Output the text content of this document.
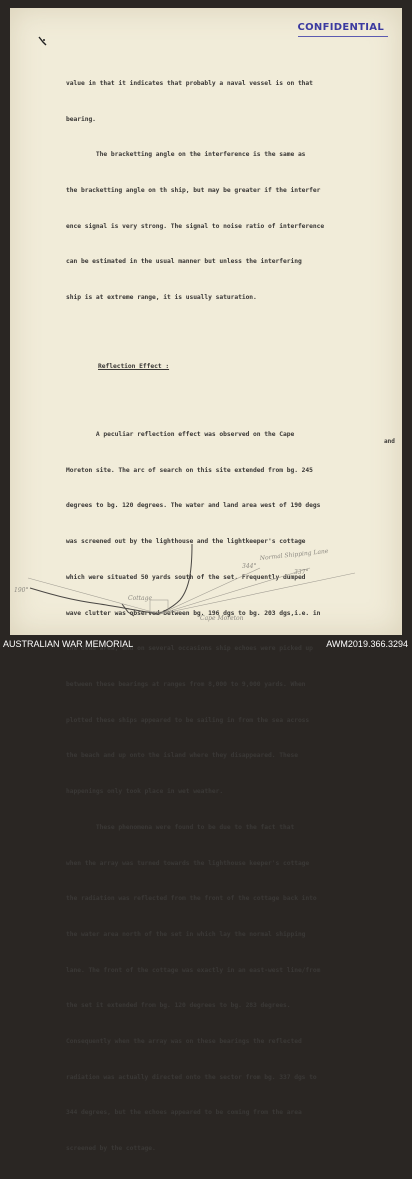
CONFIDENTIAL

value in that it indicates that probably a naval vessel is on that

bearing.

The bracketting angle on the interference is the same as

the bracketting angle on th ship, but may be greater if the interfer

ence signal is very strong. The signal to noise ratio of interference

can be estimated in the usual manner but unless the interfering

ship is at extreme range, it is usually saturation.

Reflection Effect :

A peculiar reflection effect was observed on the Cape

Moreton site. The arc of search on this site extended from bg. 245

degrees to bg. 120 degrees. The water and land area west of 190 degs

was screened out by the lighthouse and the lightkeeper's cottage

which were situated 50 yards south of the set. Frequently dumped

wave clutter was observed between bg. 196 dgs to bg. 203 dgs,i.e. in

the dead area, and on several occasions ship echoes were picked up

between these bearings at ranges from 8,000 to 9,000 yards. When

plotted these ships appeared to be sailing in from the sea across

the beach and up onto the island where they disappeared. These

happenings only took place in wet weather.

These phenomena were found to be due to the fact that

when the array was turned towards the lighthouse keeper's cottage

the radiation was reflected from the front of the cottage back into

the water area north of the set in which lay the normal shipping

lane. The front of the cottage was exactly in an east-west line/from

the set it extended from bg. 120 degrees to bg. 283 degrees.

Consequently when the array was on these bearings the reflected

radiation was actually directed onto the sector from bg. 337 dgs to

344 degrees, but the echoes appeared to be coming from the area

screened by the cottage.

and
Normal Shipping Lane
337°
344°
190°
Cottage
Cape Moreton
AUSTRALIAN WAR MEMORIAL	AWM2019.366.3294
